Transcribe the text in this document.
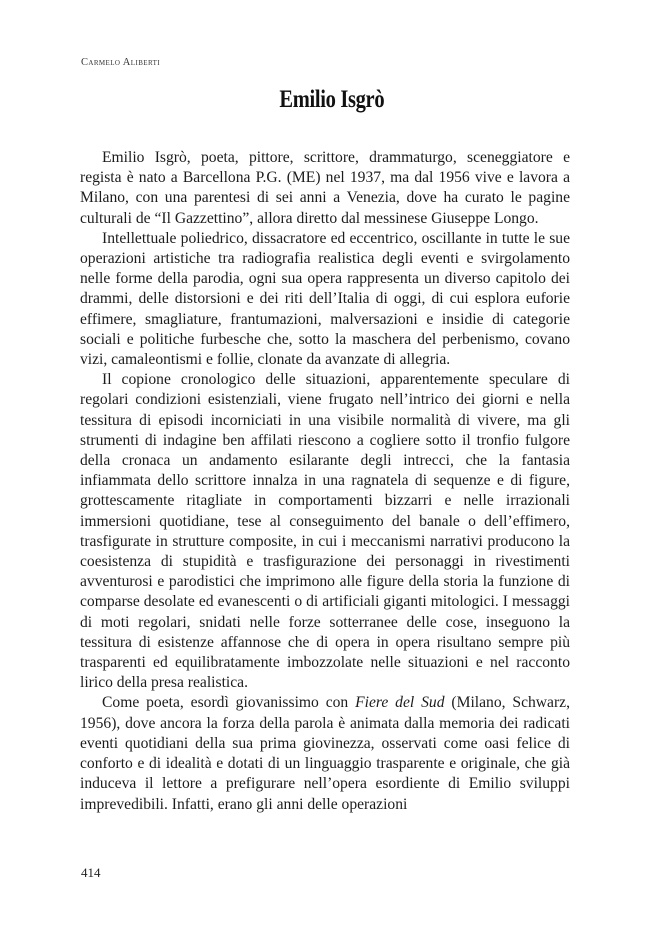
Carmelo Aliberti
Emilio Isgrò

Emilio Isgrò, poeta, pittore, scrittore, drammaturgo, sceneggiatore e regista è nato a Barcellona P.G. (ME) nel 1937, ma dal 1956 vive e lavora a Milano, con una parentesi di sei anni a Venezia, dove ha curato le pagine culturali de “Il Gazzettino”, allora diretto dal messinese Giuseppe Longo.

Intellettuale poliedrico, dissacratore ed eccentrico, oscillante in tutte le sue operazioni artistiche tra radiografia realistica degli eventi e svirgolamento nelle forme della parodia, ogni sua opera rappresenta un diverso capitolo dei drammi, delle distorsioni e dei riti dell’Italia di oggi, di cui esplora euforie effimere, smagliature, frantumazioni, malversazioni e insidie di categorie sociali e politiche furbesche che, sotto la maschera del perbenismo, covano vizi, camaleontismi e follie, clonate da avanzate di allegria.

Il copione cronologico delle situazioni, apparentemente speculare di regolari condizioni esistenziali, viene frugato nell’intrico dei giorni e nella tessitura di episodi incorniciati in una visibile normalità di vivere, ma gli strumenti di indagine ben affilati riescono a cogliere sotto il tronfio fulgore della cronaca un andamento esilarante degli intrecci, che la fantasia infiammata dello scrittore innalza in una ragnatela di sequenze e di figure, grottescamente ritagliate in comportamenti bizzarri e nelle irrazionali immersioni quotidiane, tese al conseguimento del banale o dell’effimero, trasfigurate in strutture composite, in cui i meccanismi narrativi producono la coesistenza di stupidità e trasfigurazione dei personaggi in rivestimenti avventurosi e parodistici che imprimono alle figure della storia la funzione di comparse desolate ed evanescenti o di artificiali giganti mitologici. I messaggi di moti regolari, snidati nelle forze sotterranee delle cose, inseguono la tessitura di esistenze affannose che di opera in opera risultano sempre più trasparenti ed equilibratamente imbozzolate nelle situazioni e nel racconto lirico della presa realistica.

Come poeta, esordì giovanissimo con Fiere del Sud (Milano, Schwarz, 1956), dove ancora la forza della parola è animata dalla memoria dei radicati eventi quotidiani della sua prima giovinezza, osservati come oasi felice di conforto e di idealità e dotati di un linguaggio trasparente e originale, che già induceva il lettore a prefigurare nell’opera esordiente di Emilio sviluppi imprevedibili. Infatti, erano gli anni delle operazioni

414
